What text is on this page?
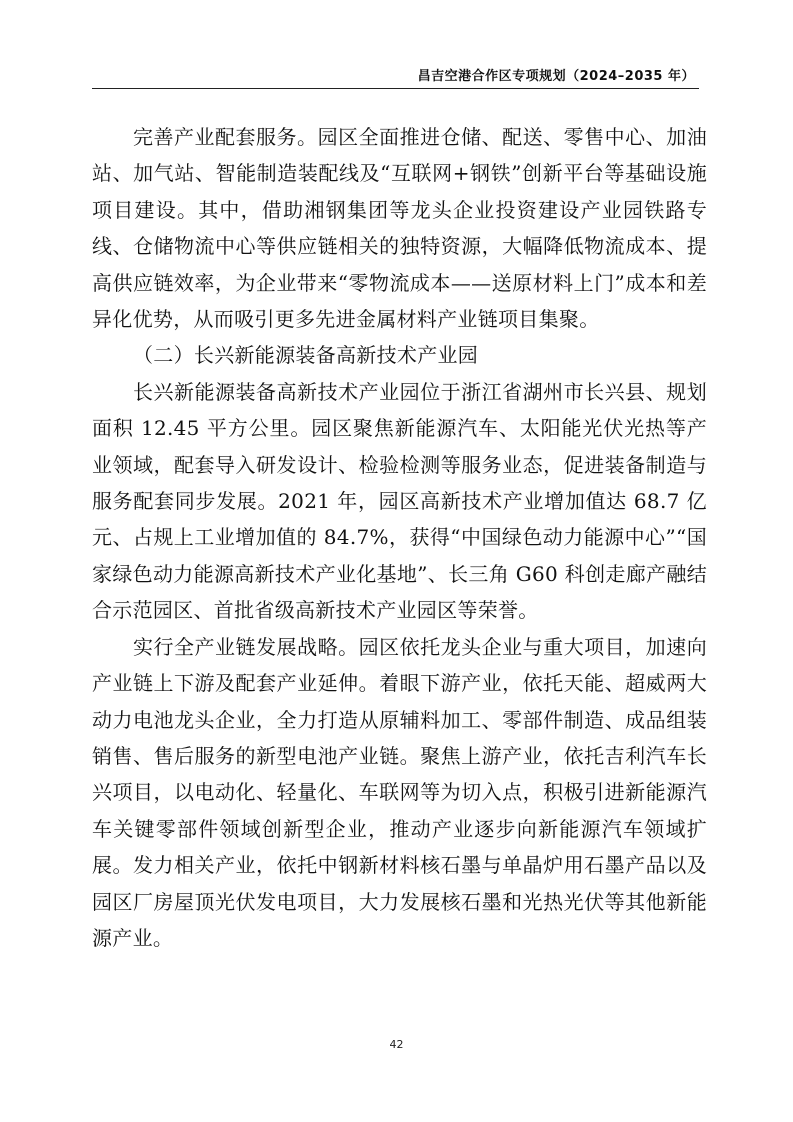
昌吉空港合作区专项规划（2024–2035 年）

完善产业配套服务。园区全面推进仓储、配送、零售中心、加油站、加气站、智能制造装配线及“互联网+钢铁”创新平台等基础设施项目建设。其中，借助湘钢集团等龙头企业投资建设产业园铁路专线、仓储物流中心等供应链相关的独特资源，大幅降低物流成本、提高供应链效率，为企业带来“零物流成本——送原材料上门”成本和差异化优势，从而吸引更多先进金属材料产业链项目集聚。

（二）长兴新能源装备高新技术产业园

长兴新能源装备高新技术产业园位于浙江省湖州市长兴县、规划面积 12.45 平方公里。园区聚焦新能源汽车、太阳能光伏光热等产业领域，配套导入研发设计、检验检测等服务业态，促进装备制造与服务配套同步发展。2021 年，园区高新技术产业增加值达 68.7 亿元、占规上工业增加值的 84.7%，获得“中国绿色动力能源中心”“国家绿色动力能源高新技术产业化基地”、长三角 G60 科创走廊产融结合示范园区、首批省级高新技术产业园区等荣誉。

实行全产业链发展战略。园区依托龙头企业与重大项目，加速向产业链上下游及配套产业延伸。着眼下游产业，依托天能、超威两大动力电池龙头企业，全力打造从原辅料加工、零部件制造、成品组装销售、售后服务的新型电池产业链。聚焦上游产业，依托吉利汽车长兴项目，以电动化、轻量化、车联网等为切入点，积极引进新能源汽车关键零部件领域创新型企业，推动产业逐步向新能源汽车领域扩展。发力相关产业，依托中钢新材料核石墨与单晶炉用石墨产品以及园区厂房屋顶光伏发电项目，大力发展核石墨和光热光伏等其他新能源产业。

42
